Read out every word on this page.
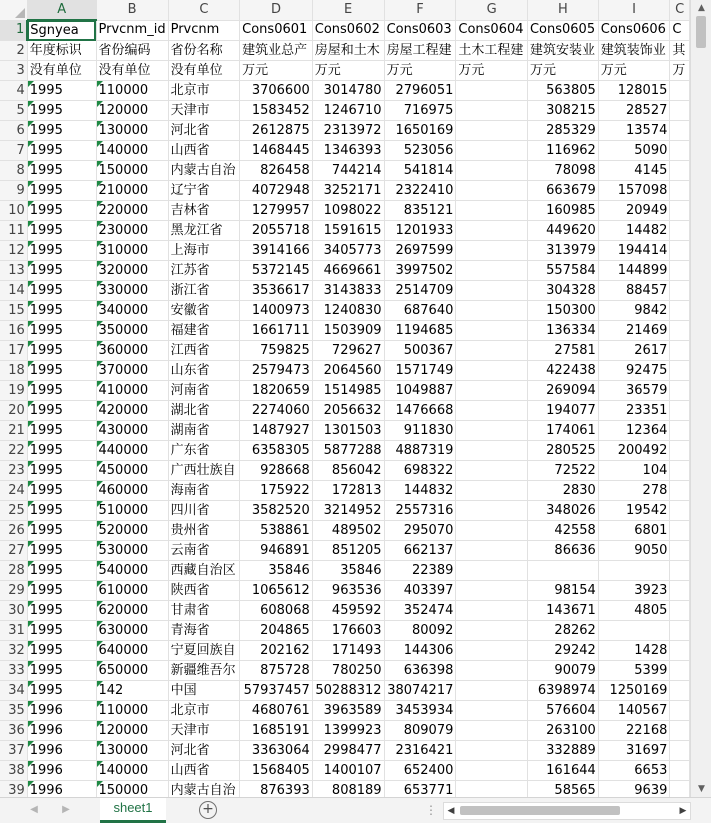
	A	B	C	D	E	F	G	H	I	C
1	Sgnyea	Prvcnm_id	Prvcnm	Cons0601	Cons0602	Cons0603	Cons0604	Cons0605	Cons0606	C
2	年度标识	省份编码	省份名称	建筑业总产	房屋和土木	房屋工程建	土木工程建	建筑安装业	建筑装饰业	其
3	没有单位	没有单位	没有单位	万元	万元	万元	万元	万元	万元	万
4	1995	110000	北京市	3706600	3014780	2796051		563805	128015	
5	1995	120000	天津市	1583452	1246710	716975		308215	28527	
6	1995	130000	河北省	2612875	2313972	1650169		285329	13574	
7	1995	140000	山西省	1468445	1346393	523056		116962	5090	
8	1995	150000	内蒙古自治	826458	744214	541814		78098	4145	
9	1995	210000	辽宁省	4072948	3252171	2322410		663679	157098	
10	1995	220000	吉林省	1279957	1098022	835121		160985	20949	
11	1995	230000	黑龙江省	2055718	1591615	1201933		449620	14482	
12	1995	310000	上海市	3914166	3405773	2697599		313979	194414	
13	1995	320000	江苏省	5372145	4669661	3997502		557584	144899	
14	1995	330000	浙江省	3536617	3143833	2514709		304328	88457	
15	1995	340000	安徽省	1400973	1240830	687640		150300	9842	
16	1995	350000	福建省	1661711	1503909	1194685		136334	21469	
17	1995	360000	江西省	759825	729627	500367		27581	2617	
18	1995	370000	山东省	2579473	2064560	1571749		422438	92475	
19	1995	410000	河南省	1820659	1514985	1049887		269094	36579	
20	1995	420000	湖北省	2274060	2056632	1476668		194077	23351	
21	1995	430000	湖南省	1487927	1301503	911830		174061	12364	
22	1995	440000	广东省	6358305	5877288	4887319		280525	200492	
23	1995	450000	广西壮族自	928668	856042	698322		72522	104	
24	1995	460000	海南省	175922	172813	144832		2830	278	
25	1995	510000	四川省	3582520	3214952	2557316		348026	19542	
26	1995	520000	贵州省	538861	489502	295070		42558	6801	
27	1995	530000	云南省	946891	851205	662137		86636	9050	
28	1995	540000	西藏自治区	35846	35846	22389				
29	1995	610000	陕西省	1065612	963536	403397		98154	3923	
30	1995	620000	甘肃省	608068	459592	352474		143671	4805	
31	1995	630000	青海省	204865	176603	80092		28262		
32	1995	640000	宁夏回族自	202162	171493	144306		29242	1428	
33	1995	650000	新疆维吾尔	875728	780250	636398		90079	5399	
34	1995	142	中国	57937457	50288312	38074217		6398974	1250169	
35	1996	110000	北京市	4680761	3963589	3453934		576604	140567	
36	1996	120000	天津市	1685191	1399923	809079		263100	22168	
37	1996	130000	河北省	3363064	2998477	2316421		332889	31697	
38	1996	140000	山西省	1568405	1400107	652400		161644	6653	
39	1996	150000	内蒙古自治	876393	808189	653771		58565	9639	

▲
▼
◀	▶	sheet1	+	⋮	◀	▶
